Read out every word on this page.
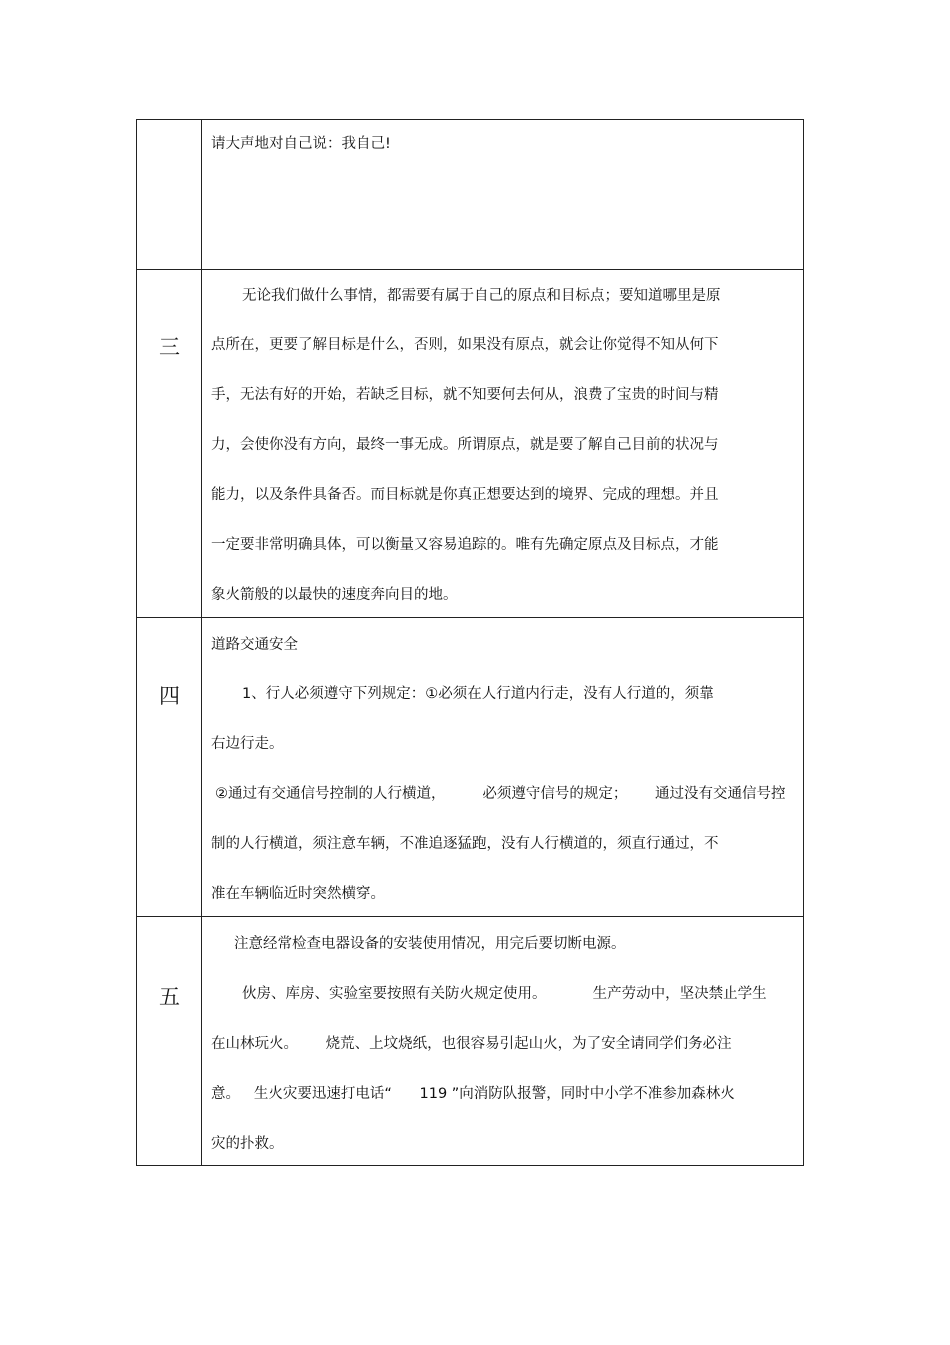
请大声地对自己说：我自己!
三
无论我们做什么事情，都需要有属于自己的原点和目标点；要知道哪里是原
点所在，更要了解目标是什么，否则，如果没有原点，就会让你觉得不知从何下
手，无法有好的开始，若缺乏目标，就不知要何去何从，浪费了宝贵的时间与精
力，会使你没有方向，最终一事无成。所谓原点，就是要了解自己目前的状况与
能力，以及条件具备否。而目标就是你真正想要达到的境界、完成的理想。并且
一定要非常明确具体，可以衡量又容易追踪的。唯有先确定原点及目标点，才能
象火箭般的以最快的速度奔向目的地。
四
道路交通安全
1、行人必须遵守下列规定：①必须在人行道内行走，没有人行道的，须靠
右边行走。
②通过有交通信号控制的人行横道，        必须遵守信号的规定；      通过没有交通信号控
制的人行横道，须注意车辆，不准追逐猛跑，没有人行横道的，须直行通过，不
准在车辆临近时突然横穿。
五
注意经常检查电器设备的安装使用情况，用完后要切断电源。
伙房、库房、实验室要按照有关防火规定使用。          生产劳动中，坚决禁止学生
在山林玩火。      烧荒、上坟烧纸，也很容易引起山火，为了安全请同学们务必注
意。   生火灾要迅速打电话“      119 ”向消防队报警，同时中小学不准参加森林火
灾的扑救。
